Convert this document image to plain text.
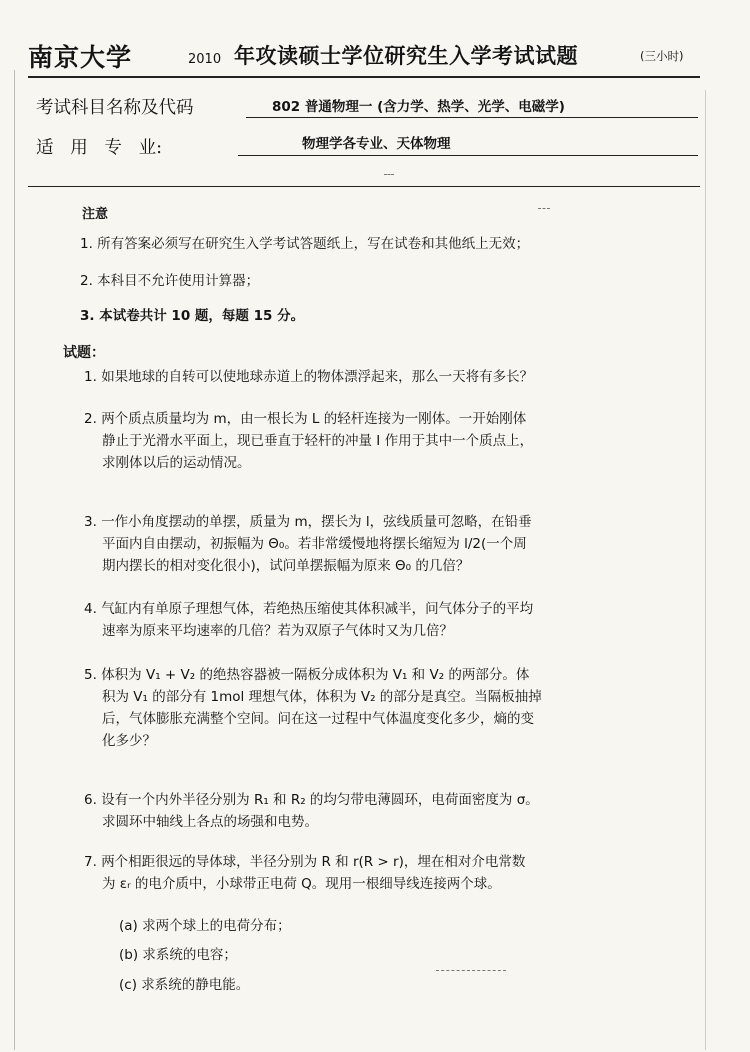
南京大学	2010 年攻读硕士学位研究生入学考试试题	(三小时)
考试科目名称及代码	802 普通物理一 (含力学、热学、光学、电磁学)
适   用   专   业:	物理学各专业、天体物理
注意
1. 所有答案必须写在研究生入学考试答题纸上，写在试卷和其他纸上无效；
2. 本科目不允许使用计算器；
3. 本试卷共计 10 题，每题 15 分。
试题：
1. 如果地球的自转可以使地球赤道上的物体漂浮起来，那么一天将有多长？
2. 两个质点质量均为 m，由一根长为 L 的轻杆连接为一刚体。一开始刚体
静止于光滑水平面上，现已垂直于轻杆的冲量 I 作用于其中一个质点上，
求刚体以后的运动情况。
3. 一作小角度摆动的单摆，质量为 m，摆长为 l，弦线质量可忽略，在铅垂
平面内自由摆动，初振幅为 Θ₀。若非常缓慢地将摆长缩短为 l/2(一个周
期内摆长的相对变化很小)，试问单摆振幅为原来 Θ₀ 的几倍？
4. 气缸内有单原子理想气体，若绝热压缩使其体积减半，问气体分子的平均
速率为原来平均速率的几倍？若为双原子气体时又为几倍？
5. 体积为 V₁ + V₂ 的绝热容器被一隔板分成体积为 V₁ 和 V₂ 的两部分。体
积为 V₁ 的部分有 1mol 理想气体，体积为 V₂ 的部分是真空。当隔板抽掉
后，气体膨胀充满整个空间。问在这一过程中气体温度变化多少，熵的变
化多少？
6. 设有一个内外半径分别为 R₁ 和 R₂ 的均匀带电薄圆环，电荷面密度为 σ。
求圆环中轴线上各点的场强和电势。
7. 两个相距很远的导体球，半径分别为 R 和 r(R > r)，埋在相对介电常数
为 εᵣ 的电介质中，小球带正电荷 Q。现用一根细导线连接两个球。
(a) 求两个球上的电荷分布；
(b) 求系统的电容；
(c) 求系统的静电能。
